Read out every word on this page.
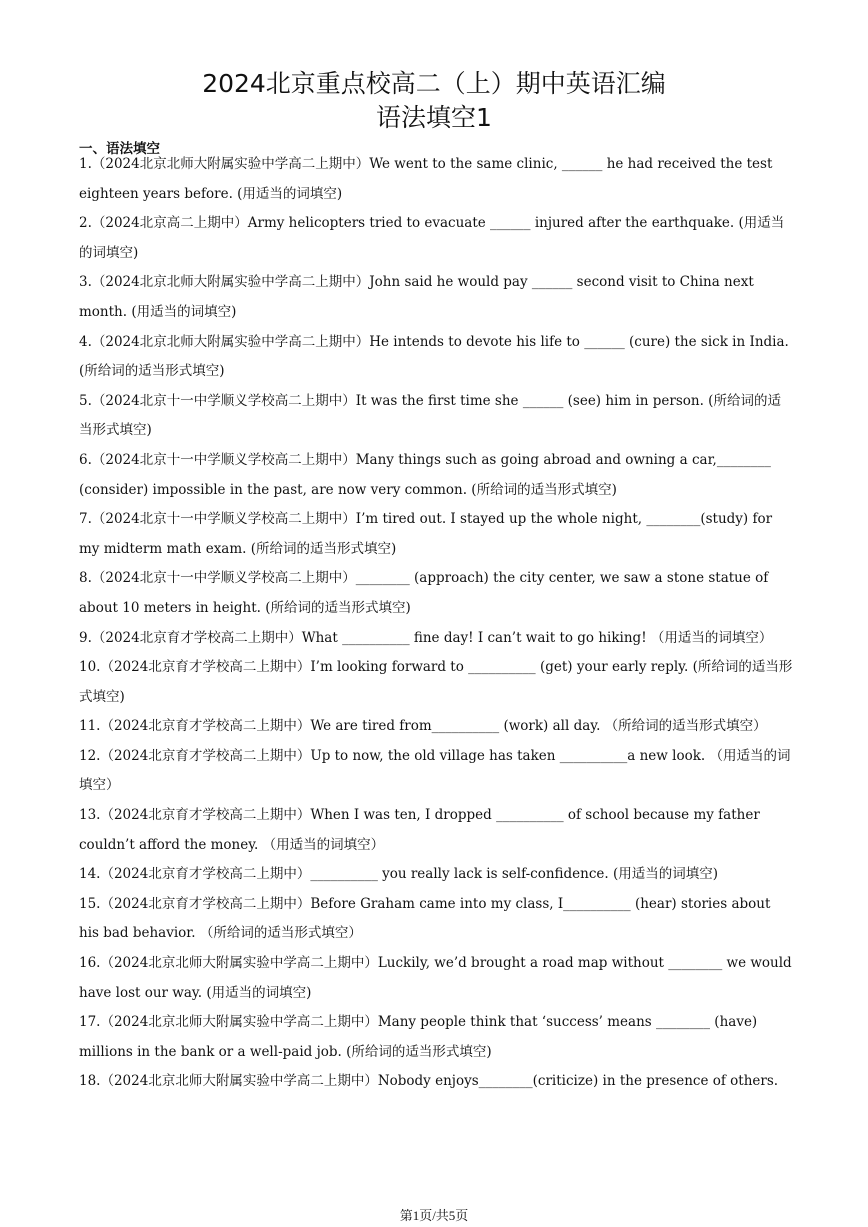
2024北京重点校高二（上）期中英语汇编
语法填空1
一、语法填空

1.（2024北京北师大附属实验中学高二上期中）We went to the same clinic, ______ he had received the test eighteen years before. (用适当的词填空)

2.（2024北京高二上期中）Army helicopters tried to evacuate ______ injured after the earthquake. (用适当的词填空)

3.（2024北京北师大附属实验中学高二上期中）John said he would pay ______ second visit to China next month. (用适当的词填空)

4.（2024北京北师大附属实验中学高二上期中）He intends to devote his life to ______ (cure) the sick in India. (所给词的适当形式填空)

5.（2024北京十一中学顺义学校高二上期中）It was the first time she ______ (see) him in person. (所给词的适当形式填空)

6.（2024北京十一中学顺义学校高二上期中）Many things such as going abroad and owning a car,________ (consider) impossible in the past, are now very common. (所给词的适当形式填空)

7.（2024北京十一中学顺义学校高二上期中）I’m tired out. I stayed up the whole night, ________(study) for my midterm math exam. (所给词的适当形式填空)

8.（2024北京十一中学顺义学校高二上期中）________ (approach) the city center, we saw a stone statue of about 10 meters in height. (所给词的适当形式填空)

9.（2024北京育才学校高二上期中）What __________ fine day! I can’t wait to go hiking! （用适当的词填空）

10.（2024北京育才学校高二上期中）I’m looking forward to __________ (get) your early reply. (所给词的适当形式填空)

11.（2024北京育才学校高二上期中）We are tired from__________ (work) all day. （所给词的适当形式填空）

12.（2024北京育才学校高二上期中）Up to now, the old village has taken __________a new look. （用适当的词填空）

13.（2024北京育才学校高二上期中）When I was ten, I dropped __________ of school because my father couldn’t afford the money. （用适当的词填空）

14.（2024北京育才学校高二上期中）__________ you really lack is self-confidence. (用适当的词填空)

15.（2024北京育才学校高二上期中）Before Graham came into my class, I__________ (hear) stories about his bad behavior. （所给词的适当形式填空）

16.（2024北京北师大附属实验中学高二上期中）Luckily, we’d brought a road map without ________ we would have lost our way. (用适当的词填空)

17.（2024北京北师大附属实验中学高二上期中）Many people think that ‘success’ means ________ (have) millions in the bank or a well-paid job. (所给词的适当形式填空)

18.（2024北京北师大附属实验中学高二上期中）Nobody enjoys________(criticize) in the presence of others.

第1页/共5页
